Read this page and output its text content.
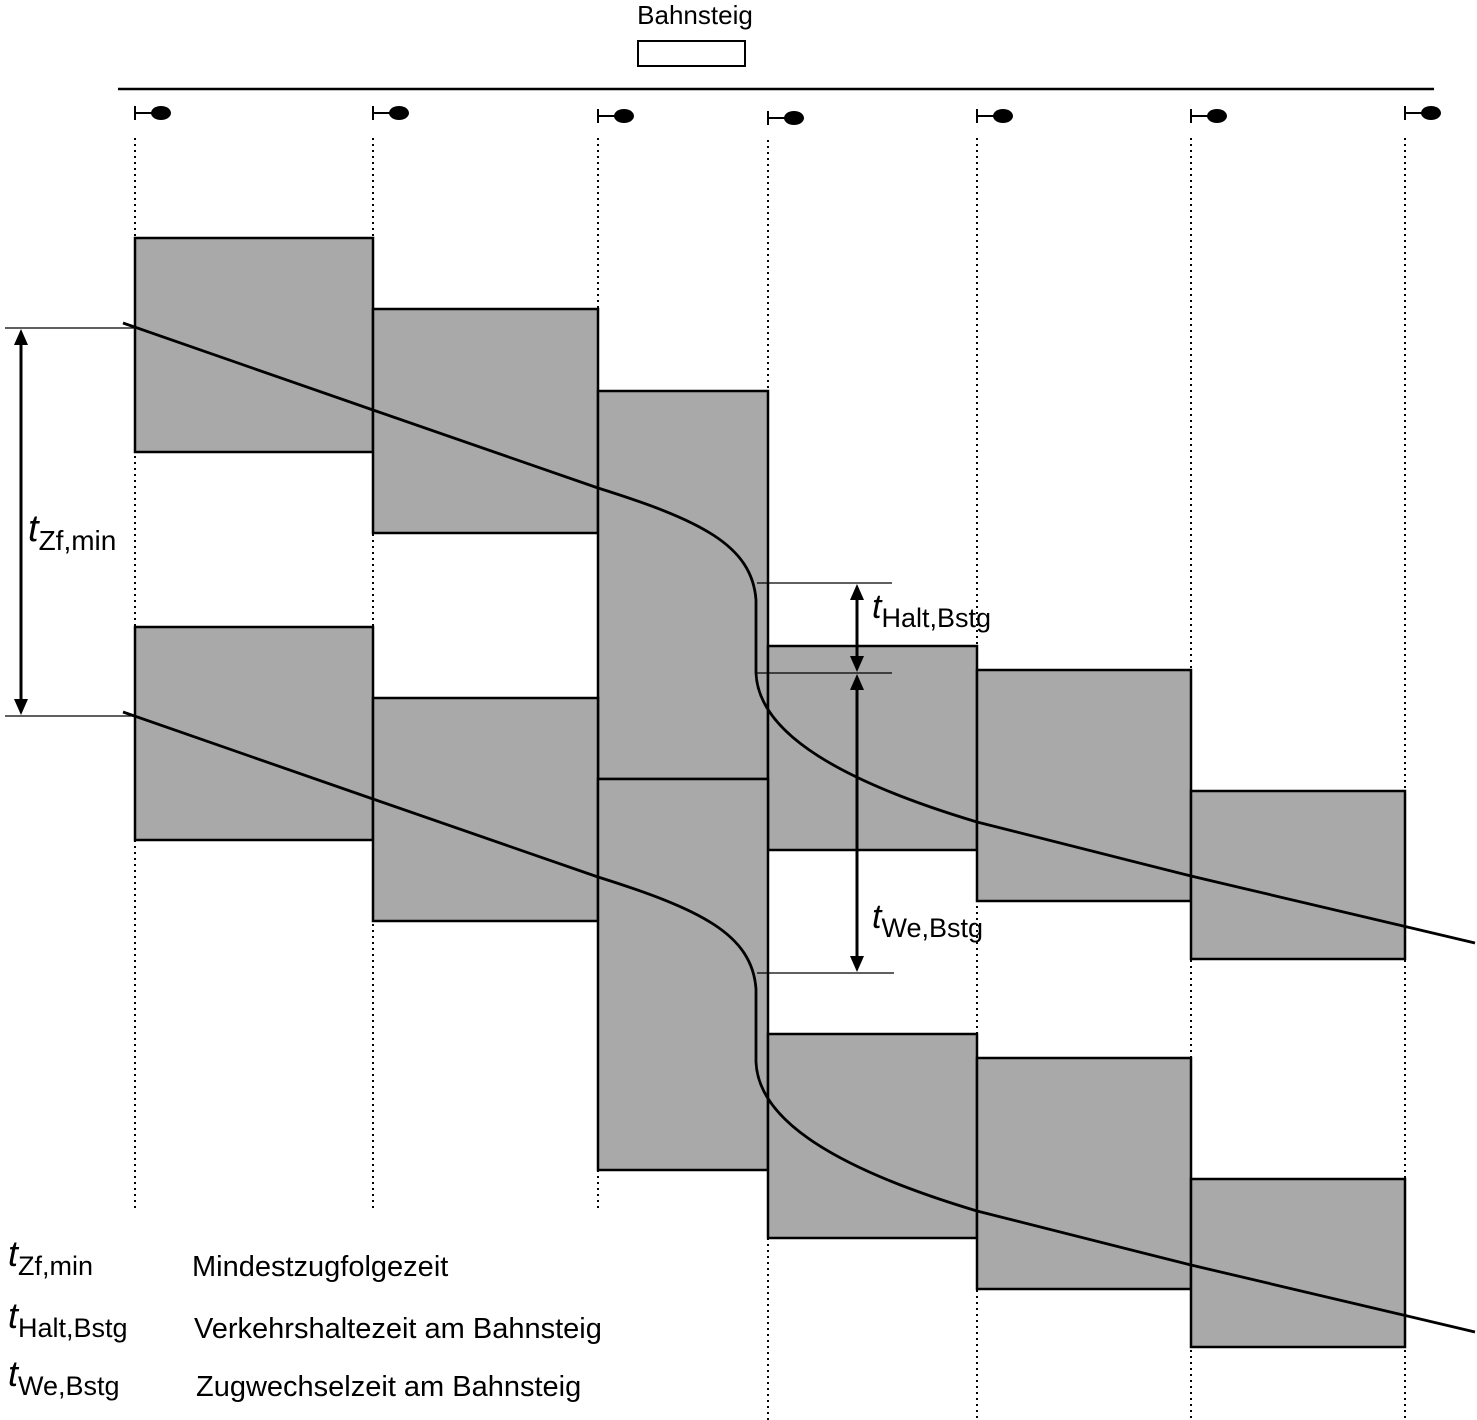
Bahnsteig
$t_{Zf,min}$
$t_{Halt,Bstg}$
$t_{We,Bstg}$
$t_{Zf,min}$	Mindestzugfolgezeit
$t_{Halt,Bstg}$ Verkehrshaltezeit am Bahnsteig
$t_{We,Bstg}$	Zugwechselzeit am Bahnsteig
